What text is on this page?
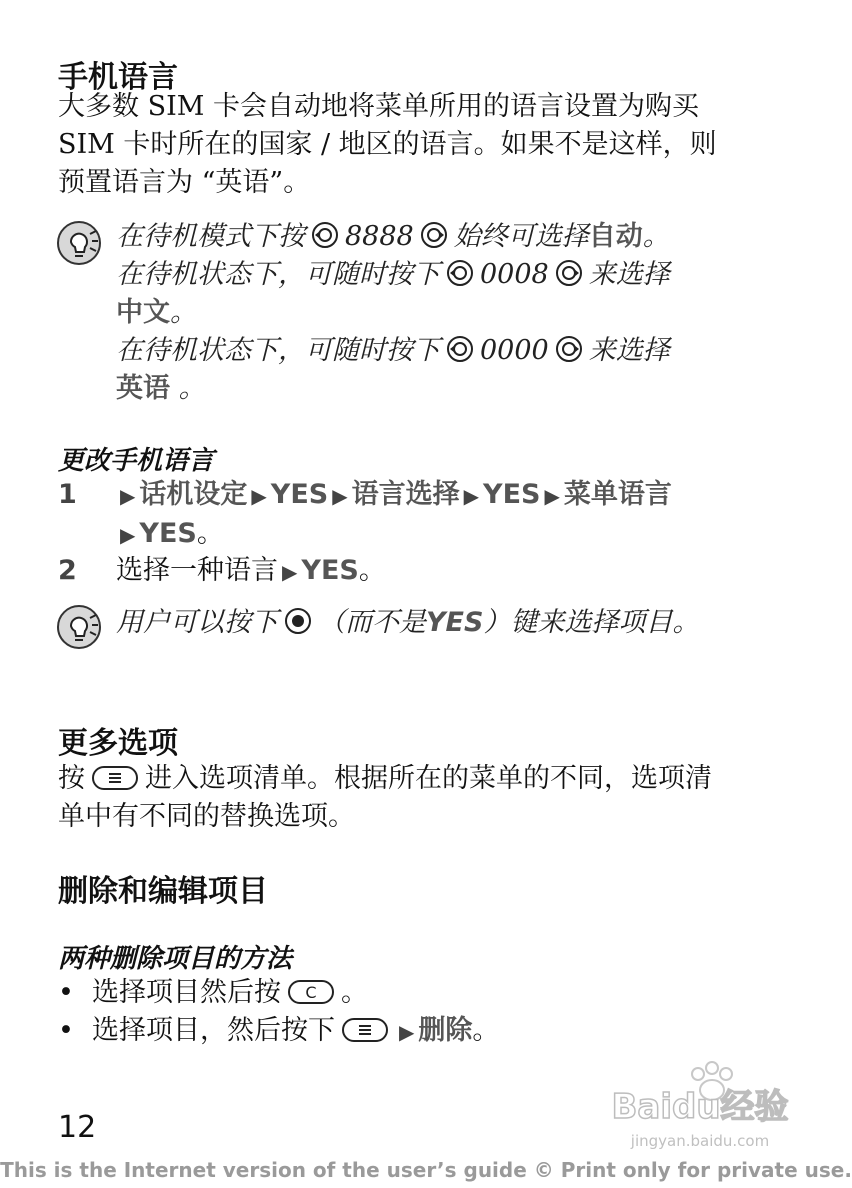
手机语言
大多数 SIM 卡会自动地将菜单所用的语言设置为购买
SIM 卡时所在的国家 / 地区的语言。如果不是这样，则
预置语言为 “英语”。
在待机模式下按 8888 始终可选择自动。
在待机状态下，可随时按下 0008 来选择
中文。
在待机状态下，可随时按下 0000 来选择
英语 。
更改手机语言
1 ▶ 话机设定 ▶ YES ▶ 语言选择 ▶ YES ▶ 菜单语言
▶ YES。
2 选择一种语言 ▶ YES。
用户可以按下 （而不是YES）键来选择项目。
更多选项
按 进入选项清单。根据所在的菜单的不同，选项清
单中有不同的替换选项。
删除和编辑项目
两种删除项目的方法
• 选择项目然后按 C 。
• 选择项目，然后按下	▶ 删除。
Baidu经验
jingyan.baidu.com
12
This is the Internet version of the user’s guide © Print only for private use.
